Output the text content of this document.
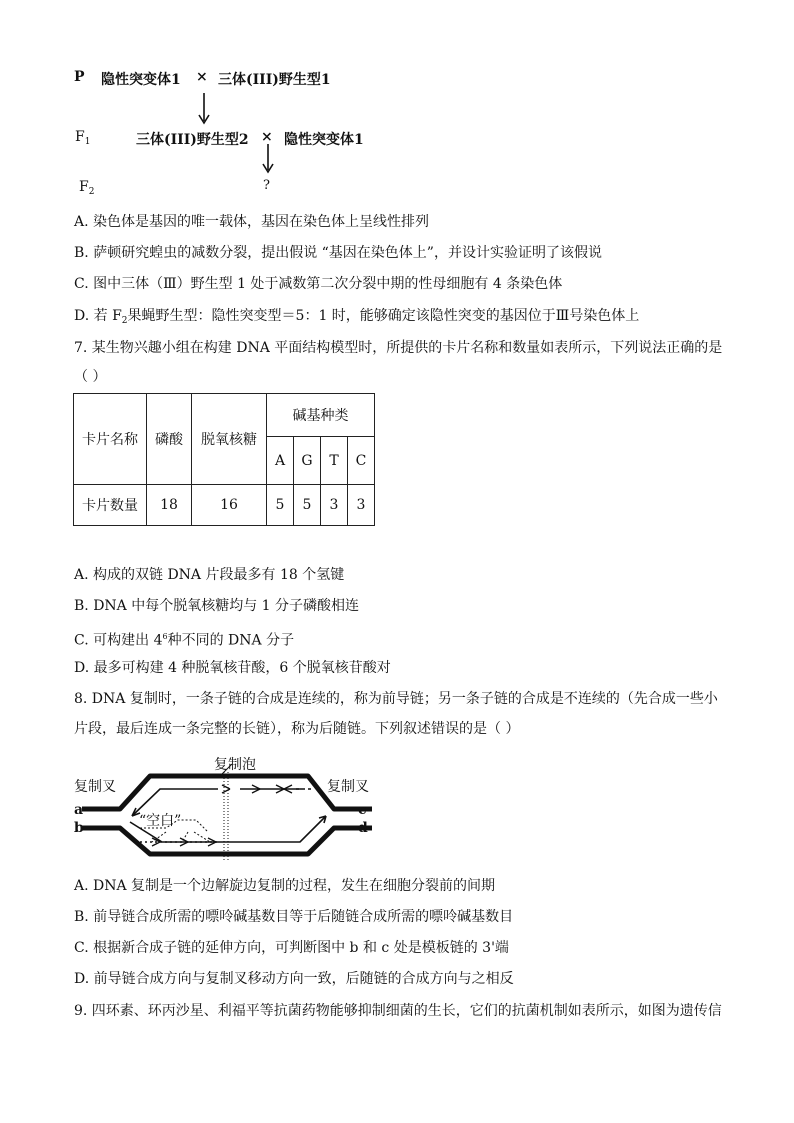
P 隐性突变体1 × 三体(III)野生型1
$F_1$	三体(III)野生型2 × 隐性突变体1
$F_2$	?
A. 染色体是基因的唯一载体，基因在染色体上呈线性排列
B. 萨顿研究蝗虫的减数分裂，提出假说 “基因在染色体上”，并设计实验证明了该假说
C. 图中三体（Ⅲ）野生型 1 处于减数第二次分裂中期的性母细胞有 4 条染色体
D. 若 $F_2$果蝇野生型：隐性突变型＝5：1 时，能够确定该隐性突变的基因位于Ⅲ号染色体上
7. 某生物兴趣小组在构建 DNA 平面结构模型时，所提供的卡片名称和数量如表所示，下列说法正确的是
（ ）
卡片名称	磷酸	脱氧核糖	碱基种类			
			A	G	T	C
卡片数量	18	16	5	5	3	3
A. 构成的双链 DNA 片段最多有 18 个氢键
B. DNA 中每个脱氧核糖均与 1 分子磷酸相连
C. 可构建出 $4^6$种不同的 DNA 分子
D. 最多可构建 4 种脱氧核苷酸，6 个脱氧核苷酸对
8. DNA 复制时，一条子链的合成是连续的，称为前导链；另一条子链的合成是不连续的（先合成一些小
片段，最后连成一条完整的长链），称为后随链。下列叙述错误的是（ ）
复制泡
复制叉	复制叉
“空白”
a
b
c
d
A. DNA 复制是一个边解旋边复制的过程，发生在细胞分裂前的间期
B. 前导链合成所需的嘌呤碱基数目等于后随链合成所需的嘌呤碱基数目
C. 根据新合成子链的延伸方向，可判断图中 b 和 c 处是模板链的 3'端
D. 前导链合成方向与复制叉移动方向一致，后随链的合成方向与之相反
9. 四环素、环丙沙星、利福平等抗菌药物能够抑制细菌的生长，它们的抗菌机制如表所示，如图为遗传信
